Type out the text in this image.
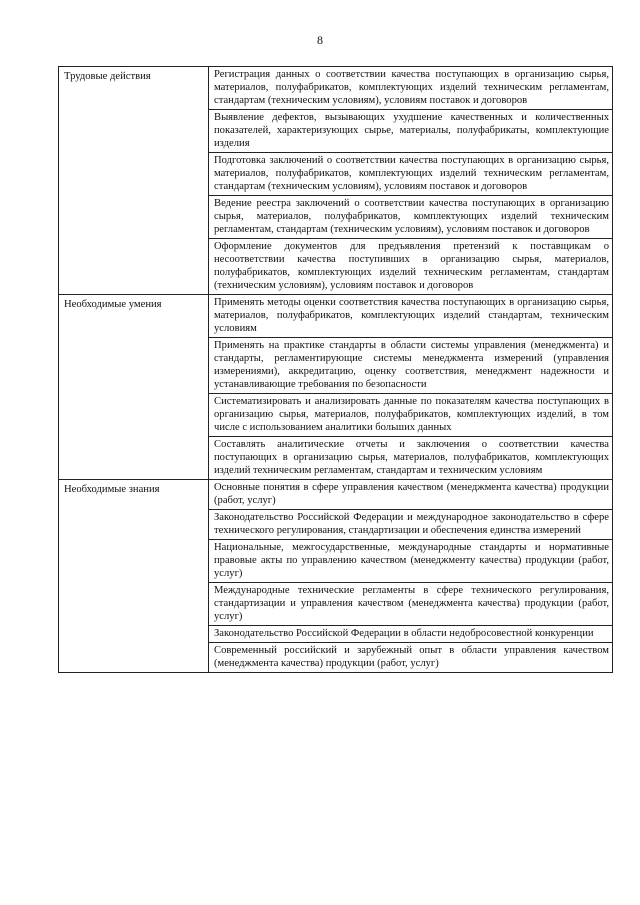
8
Трудовые действия	Регистрация данных о соответствии качества поступающих в организацию сырья, материалов, полуфабрикатов, комплектующих изделий техническим регламентам, стандартам (техническим условиям), условиям поставок и договоров
	Выявление дефектов, вызывающих ухудшение качественных и количественных показателей, характеризующих сырье, материалы, полуфабрикаты, комплектующие изделия
	Подготовка заключений о соответствии качества поступающих в организацию сырья, материалов, полуфабрикатов, комплектующих изделий техническим регламентам, стандартам (техническим условиям), условиям поставок и договоров
	Ведение реестра заключений о соответствии качества поступающих в организацию сырья, материалов, полуфабрикатов, комплектующих изделий техническим регламентам, стандартам (техническим условиям), условиям поставок и договоров
	Оформление документов для предъявления претензий к поставщикам о несоответствии качества поступивших в организацию сырья, материалов, полуфабрикатов, комплектующих изделий техническим регламентам, стандартам (техническим условиям), условиям поставок и договоров
Необходимые умения	Применять методы оценки соответствия качества поступающих в организацию сырья, материалов, полуфабрикатов, комплектующих изделий стандартам, техническим условиям
	Применять на практике стандарты в области системы управления (менеджмента) и стандарты, регламентирующие системы менеджмента измерений (управления измерениями), аккредитацию, оценку соответствия, менеджмент надежности и устанавливающие требования по безопасности
	Систематизировать и анализировать данные по показателям качества поступающих в организацию сырья, материалов, полуфабрикатов, комплектующих изделий, в том числе с использованием аналитики больших данных
	Составлять аналитические отчеты и заключения о соответствии качества поступающих в организацию сырья, материалов, полуфабрикатов, комплектующих изделий техническим регламентам, стандартам и техническим условиям
Необходимые знания	Основные понятия в сфере управления качеством (менеджмента качества) продукции (работ, услуг)
	Законодательство Российской Федерации и международное законодательство в сфере технического регулирования, стандартизации и обеспечения единства измерений
	Национальные, межгосударственные, международные стандарты и нормативные правовые акты по управлению качеством (менеджменту качества) продукции (работ, услуг)
	Международные технические регламенты в сфере технического регулирования, стандартизации и управления качеством (менеджмента качества) продукции (работ, услуг)
	Законодательство Российской Федерации в области недобросовестной конкуренции
	Современный российский и зарубежный опыт в области управления качеством (менеджмента качества) продукции (работ, услуг)
